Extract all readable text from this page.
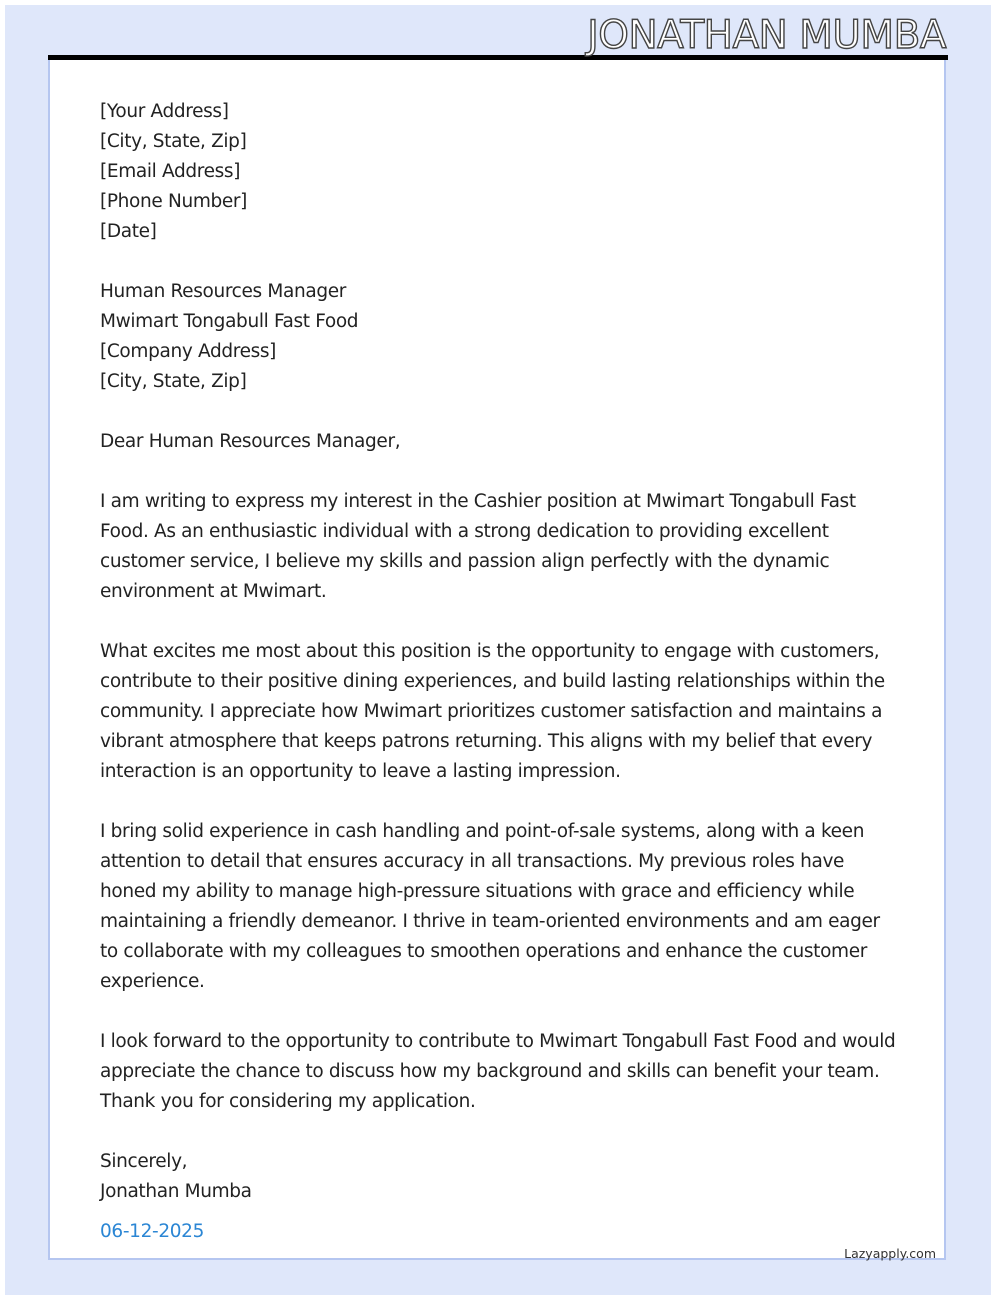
JONATHAN MUMBA
[Your Address]
[City, State, Zip]
[Email Address]
[Phone Number]
[Date]
Human Resources Manager
Mwimart Tongabull Fast Food
[Company Address]
[City, State, Zip]
Dear Human Resources Manager,

I am writing to express my interest in the Cashier position at Mwimart Tongabull Fast Food. As an enthusiastic individual with a strong dedication to providing excellent customer service, I believe my skills and passion align perfectly with the dynamic environment at Mwimart.

What excites me most about this position is the opportunity to engage with customers, contribute to their positive dining experiences, and build lasting relationships within the community. I appreciate how Mwimart prioritizes customer satisfaction and maintains a vibrant atmosphere that keeps patrons returning. This aligns with my belief that every interaction is an opportunity to leave a lasting impression.

I bring solid experience in cash handling and point-of-sale systems, along with a keen attention to detail that ensures accuracy in all transactions. My previous roles have honed my ability to manage high-pressure situations with grace and efficiency while maintaining a friendly demeanor. I thrive in team-oriented environments and am eager to collaborate with my colleagues to smoothen operations and enhance the customer experience.

I look forward to the opportunity to contribute to Mwimart Tongabull Fast Food and would appreciate the chance to discuss how my background and skills can benefit your team. Thank you for considering my application.

Sincerely,
Jonathan Mumba
06-12-2025
Lazyapply.com
